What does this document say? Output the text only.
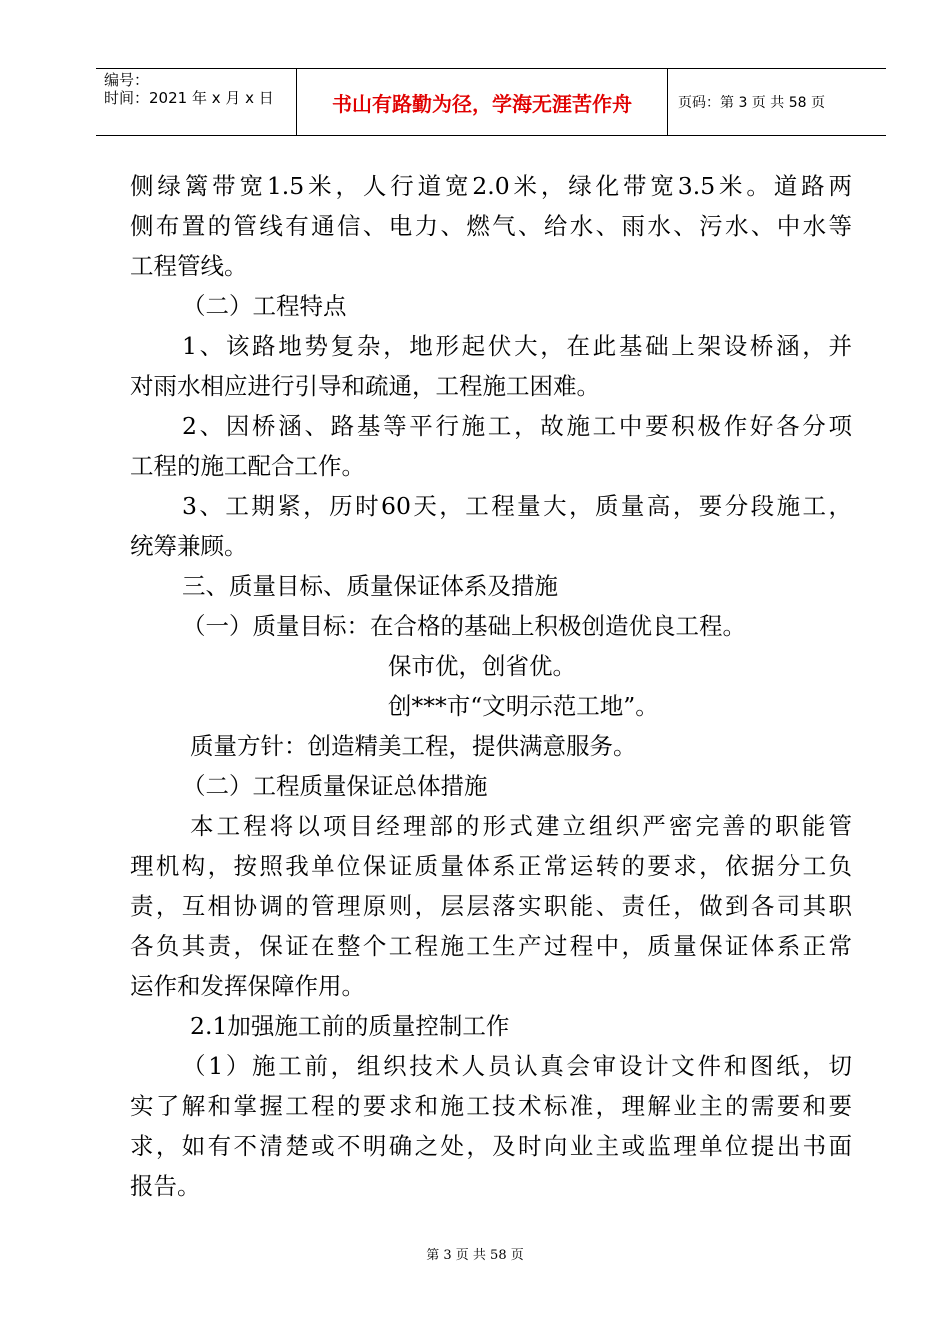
编号：
时间：2021 年 x 月 x 日	书山有路勤为径，学海无涯苦作舟	页码：第 3 页 共 58 页
侧绿篱带宽1.5米，人行道宽2.0米，绿化带宽3.5米。道路两
侧布置的管线有通信、电力、燃气、给水、雨水、污水、中水等
工程管线。
（二）工程特点
1、该路地势复杂，地形起伏大，在此基础上架设桥涵，并
对雨水相应进行引导和疏通，工程施工困难。
2、因桥涵、路基等平行施工，故施工中要积极作好各分项
工程的施工配合工作。
3、工期紧，历时60天，工程量大，质量高，要分段施工，
统筹兼顾。
三、质量目标、质量保证体系及措施
（一）质量目标：在合格的基础上积极创造优良工程。
保市优，创省优。
创***市“文明示范工地”。
质量方针：创造精美工程，提供满意服务。
（二）工程质量保证总体措施
本工程将以项目经理部的形式建立组织严密完善的职能管
理机构，按照我单位保证质量体系正常运转的要求，依据分工负
责，互相协调的管理原则，层层落实职能、责任，做到各司其职
各负其责，保证在整个工程施工生产过程中，质量保证体系正常
运作和发挥保障作用。
2.1加强施工前的质量控制工作
（1）施工前，组织技术人员认真会审设计文件和图纸，切
实了解和掌握工程的要求和施工技术标准，理解业主的需要和要
求，如有不清楚或不明确之处，及时向业主或监理单位提出书面
报告。
第 3 页 共 58 页
